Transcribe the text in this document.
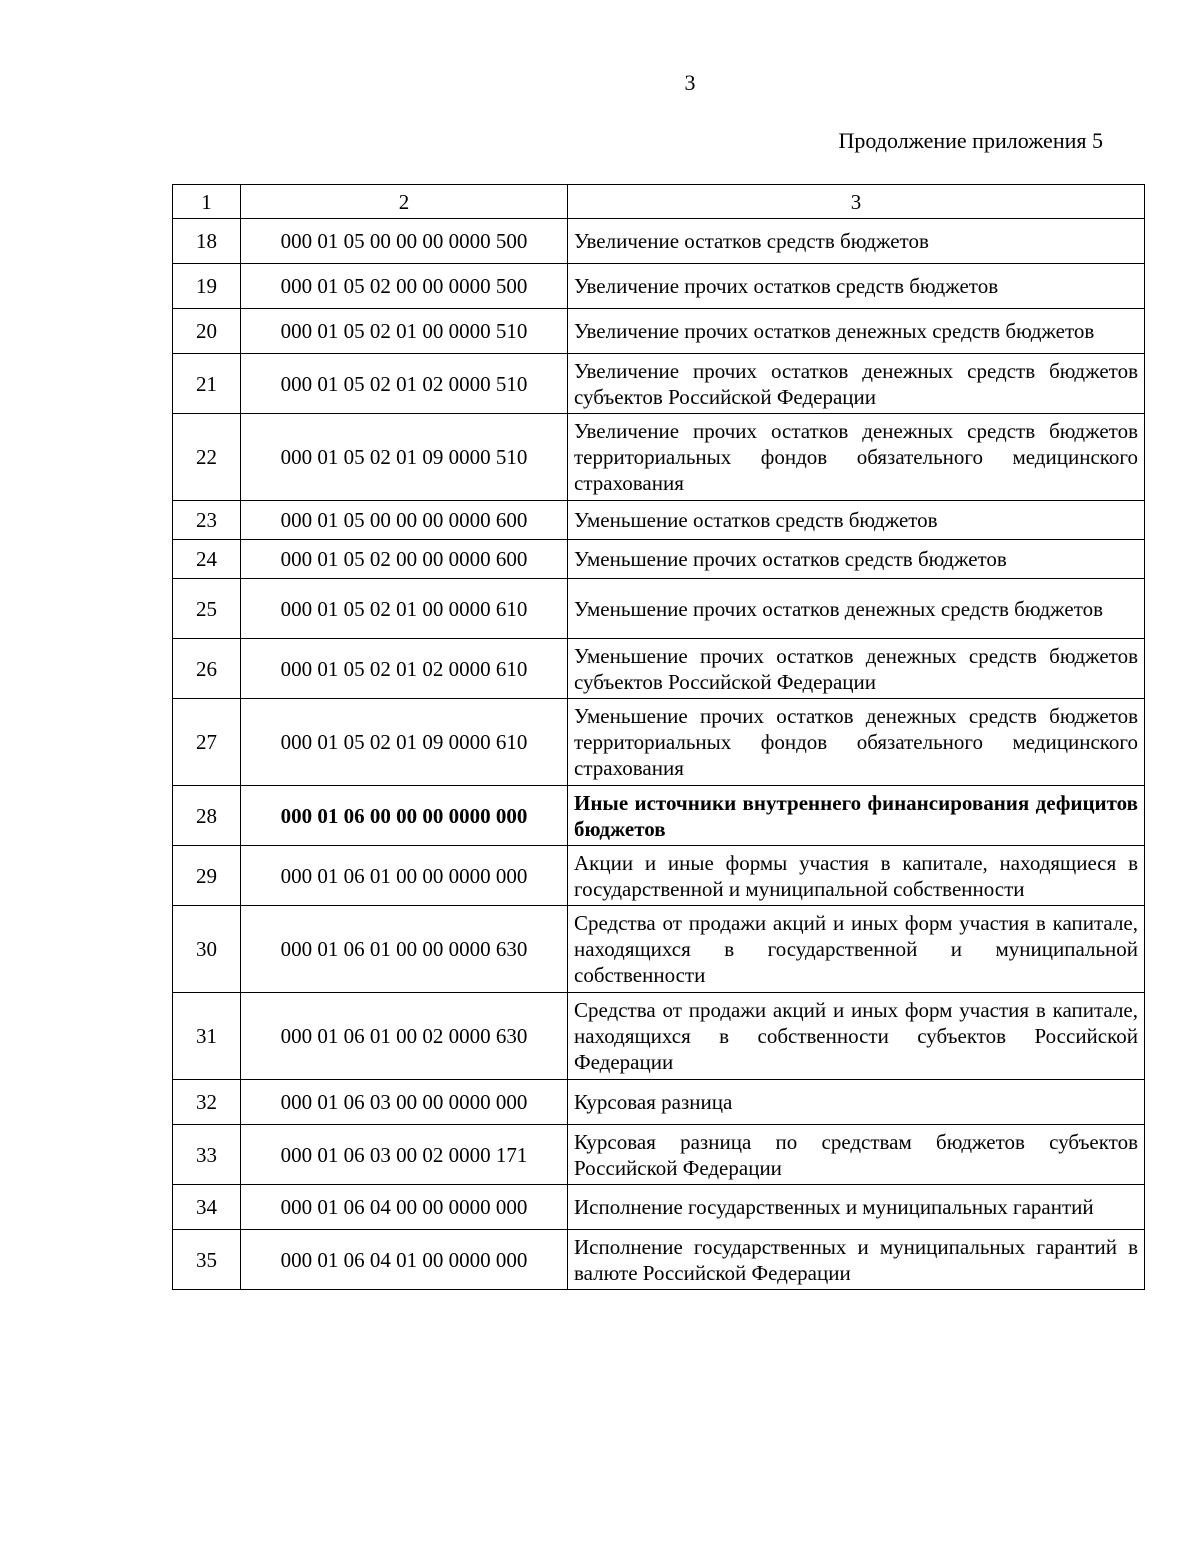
3
Продолжение приложения 5
1	2	3
18	000 01 05 00 00 00 0000 500	Увеличение остатков средств бюджетов
19	000 01 05 02 00 00 0000 500	Увеличение прочих остатков средств бюджетов
20	000 01 05 02 01 00 0000 510	Увеличение прочих остатков денежных средств бюджетов
21	000 01 05 02 01 02 0000 510	Увеличение прочих остатков денежных средств бюджетов субъектов Российской Федерации
22	000 01 05 02 01 09 0000 510	Увеличение прочих остатков денежных средств бюджетов территориальных фондов обязательного медицинского страхования
23	000 01 05 00 00 00 0000 600	Уменьшение остатков средств бюджетов
24	000 01 05 02 00 00 0000 600	Уменьшение прочих остатков средств бюджетов
25	000 01 05 02 01 00 0000 610	Уменьшение прочих остатков денежных средств бюджетов
26	000 01 05 02 01 02 0000 610	Уменьшение прочих остатков денежных средств бюджетов субъектов Российской Федерации
27	000 01 05 02 01 09 0000 610	Уменьшение прочих остатков денежных средств бюджетов территориальных фондов обязательного медицинского страхования
28	000 01 06 00 00 00 0000 000	Иные источники внутреннего финансирования дефицитов бюджетов
29	000 01 06 01 00 00 0000 000	Акции и иные формы участия в капитале, находящиеся в государственной и муниципальной собственности
30	000 01 06 01 00 00 0000 630	Средства от продажи акций и иных форм участия в капитале, находящихся в государственной и муниципальной собственности
31	000 01 06 01 00 02 0000 630	Средства от продажи акций и иных форм участия в капитале, находящихся в собственности субъектов Российской Федерации
32	000 01 06 03 00 00 0000 000	Курсовая разница
33	000 01 06 03 00 02 0000 171	Курсовая разница по средствам бюджетов субъектов Российской Федерации
34	000 01 06 04 00 00 0000 000	Исполнение государственных и муниципальных гарантий
35	000 01 06 04 01 00 0000 000	Исполнение государственных и муниципальных гарантий в валюте Российской Федерации
